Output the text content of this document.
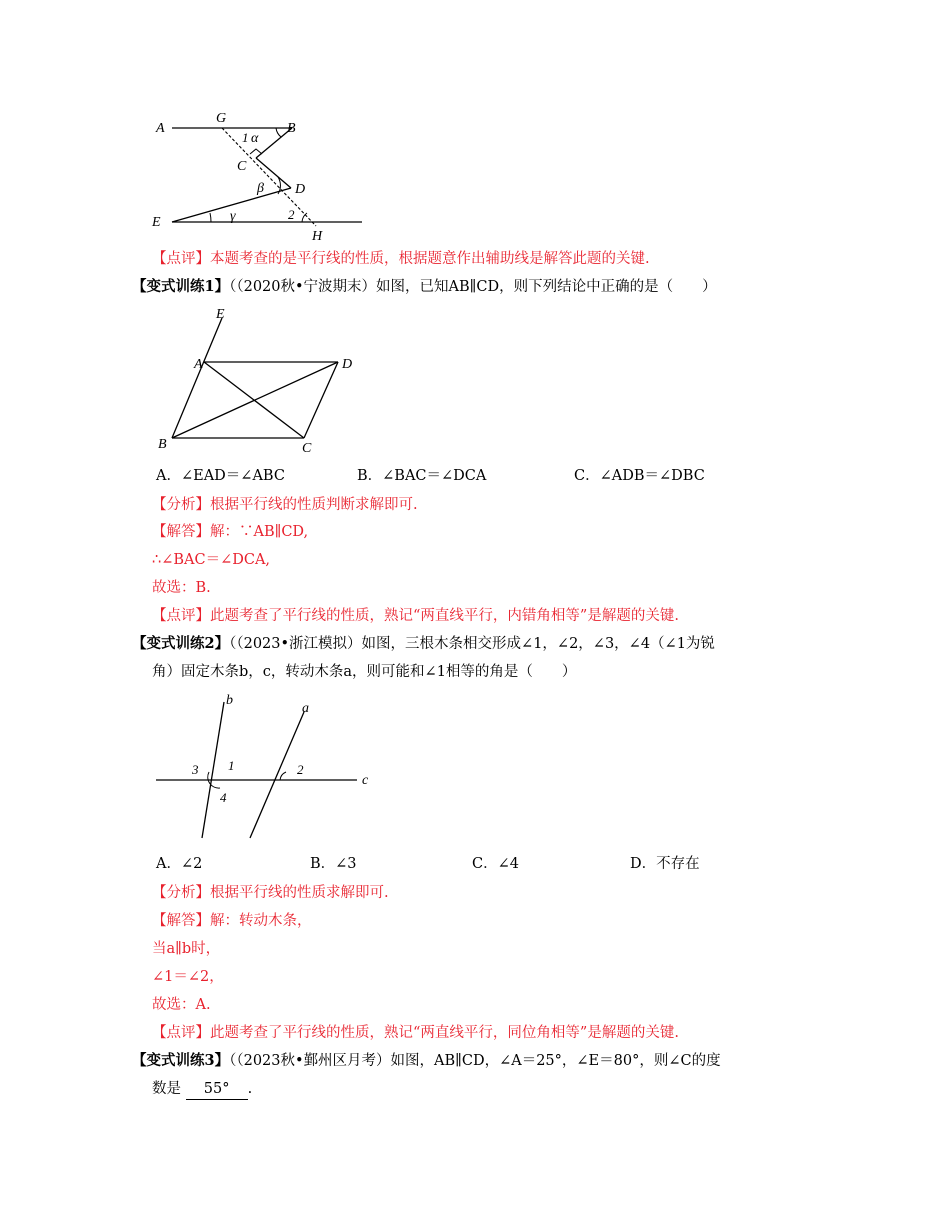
A
G
B
1 α
C
β D
E	γ	2
H
【点评】本题考查的是平行线的性质，根据题意作出辅助线是解答此题的关键.
【变式训练1】（（2020秋•宁波期末）如图，已知AB∥CD，则下列结论中正确的是（　　）
E
A	D
B	C
A．∠EAD＝∠ABC	B．∠BAC＝∠DCA	C．∠ADB＝∠DBC
【分析】根据平行线的性质判断求解即可.
【解答】解：∵AB∥CD,
∴∠BAC＝∠DCA,
故选：B.
【点评】此题考查了平行线的性质，熟记“两直线平行，内错角相等”是解题的关键.
【变式训练2】（（2023•浙江模拟）如图，三根木条相交形成∠1，∠2，∠3，∠4（∠1为锐
角）固定木条b，c，转动木条a，则可能和∠1相等的角是（　　）
b
a
3 1	2
c
4
A．∠2	B．∠3	C．∠4	D．不存在
【分析】根据平行线的性质求解即可.
【解答】解：转动木条，
当a∥b时，
∠1＝∠2，
故选：A.
【点评】此题考查了平行线的性质，熟记“两直线平行，同位角相等”是解题的关键.
【变式训练3】（（2023秋•鄞州区月考）如图，AB∥CD，∠A＝25°，∠E＝80°，则∠C的度
数是 55° .
